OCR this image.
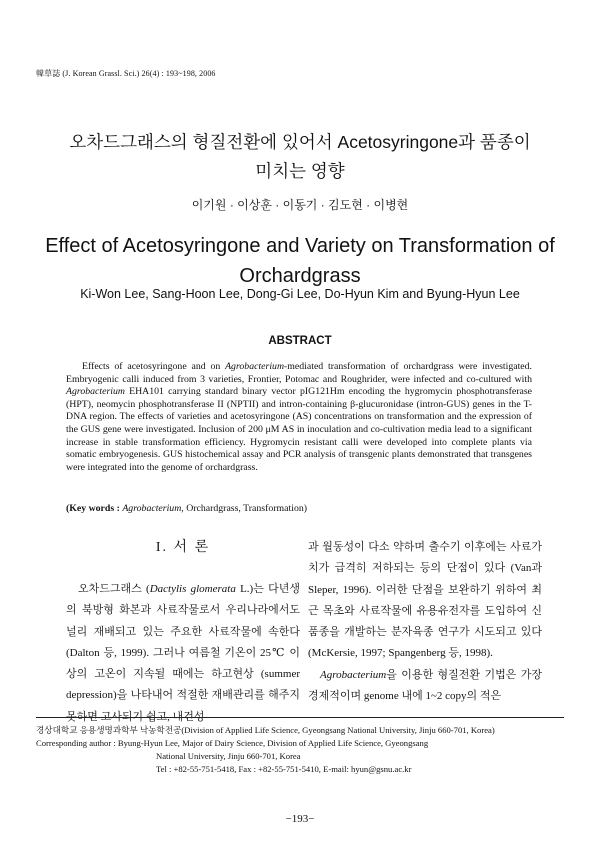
韓草誌 (J. Korean Grassl. Sci.) 26(4) : 193~198, 2006
오차드그래스의 형질전환에 있어서 Acetosyringone과 품종이
미치는 영향
이기원 · 이상훈 · 이동기 · 김도현 · 이병현
Effect of Acetosyringone and Variety on Transformation of
Orchardgrass
Ki-Won Lee, Sang-Hoon Lee, Dong-Gi Lee, Do-Hyun Kim and Byung-Hyun Lee
ABSTRACT

Effects of acetosyringone and on Agrobacterium-mediated transformation of orchardgrass were investigated. Embryogenic calli induced from 3 varieties, Frontier, Potomac and Roughrider, were infected and co-cultured with Agrobacterium EHA101 carrying standard binary vector pIG121Hm encoding the hygromycin phosphotransferase (HPT), neomycin phosphotransferase II (NPTII) and intron-containing β-glucuronidase (intron-GUS) genes in the T-DNA region. The effects of varieties and acetosyringone (AS) concentrations on transformation and the expression of the GUS gene were investigated. Inclusion of 200 μM AS in inoculation and co-cultivation media lead to a significant increase in stable transformation efficiency. Hygromycin resistant calli were developed into complete plants via somatic embryogenesis. GUS histochemical assay and PCR analysis of transgenic plants demonstrated that transgenes were integrated into the genome of orchardgrass.

(Key words : Agrobacterium, Orchardgrass, Transformation)

I. 서 론

오차드그래스 (Dactylis glomerata L.)는 다년생의 북방형 화본과 사료작물로서 우리나라에서도 널리 재배되고 있는 주요한 사료작물에 속한다 (Dalton 등, 1999). 그러나 여름철 기온이 25℃ 이상의 고온이 지속될 때에는 하고현상 (summer depression)을 나타내어 적절한 재배관리를 해주지 못하면 고사되기 쉽고, 내건성

과 월동성이 다소 약하며 출수기 이후에는 사료가치가 급격히 저하되는 등의 단점이 있다 (Van과 Sleper, 1996). 이러한 단점을 보완하기 위하여 최근 목초와 사료작물에 유용유전자를 도입하여 신품종을 개발하는 분자육종 연구가 시도되고 있다 (McKersie, 1997; Spangenberg 등, 1998).

Agrobacterium을 이용한 형질전환 기법은 가장 경제적이며 genome 내에 1~2 copy의 적은

경상대학교 응용생명과학부 낙농학전공(Division of Applied Life Science, Gyeongsang National University, Jinju 660-701, Korea)

Corresponding author : Byung-Hyun Lee, Major of Dairy Science, Division of Applied Life Science, Gyeongsang

National University, Jinju 660-701, Korea

Tel : +82-55-751-5418, Fax : +82-55-751-5410, E-mail: hyun@gsnu.ac.kr

−193−
